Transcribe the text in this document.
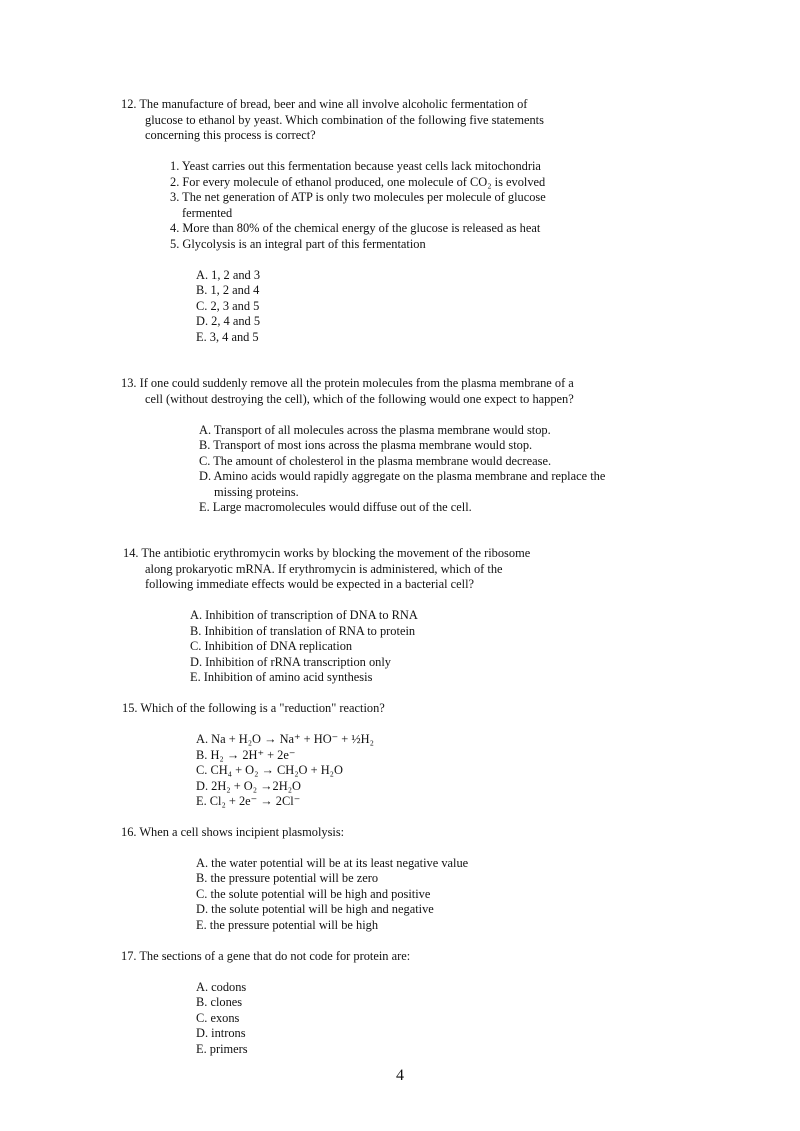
12. The manufacture of bread, beer and wine all involve alcoholic fermentation of
glucose to ethanol by yeast. Which combination of the following five statements
concerning this process is correct?
1. Yeast carries out this fermentation because yeast cells lack mitochondria
2. For every molecule of ethanol produced, one molecule of CO₂ is evolved
3. The net generation of ATP is only two molecules per molecule of glucose
fermented
4. More than 80% of the chemical energy of the glucose is released as heat
5. Glycolysis is an integral part of this fermentation
A. 1, 2 and 3
B. 1, 2 and 4
C. 2, 3 and 5
D. 2, 4 and 5
E. 3, 4 and 5
13. If one could suddenly remove all the protein molecules from the plasma membrane of a
cell (without destroying the cell), which of the following would one expect to happen?
A. Transport of all molecules across the plasma membrane would stop.
B. Transport of most ions across the plasma membrane would stop.
C. The amount of cholesterol in the plasma membrane would decrease.
D. Amino acids would rapidly aggregate on the plasma membrane and replace the
missing proteins.
E. Large macromolecules would diffuse out of the cell.
14. The antibiotic erythromycin works by blocking the movement of the ribosome
along prokaryotic mRNA. If erythromycin is administered, which of the
following immediate effects would be expected in a bacterial cell?
A. Inhibition of transcription of DNA to RNA
B. Inhibition of translation of RNA to protein
C. Inhibition of DNA replication
D. Inhibition of rRNA transcription only
E. Inhibition of amino acid synthesis
15. Which of the following is a "reduction" reaction?
A. Na + H₂O → Na⁺ + HO⁻ + ½H₂
B. H₂ → 2H⁺ + 2e⁻
C. CH₄ + O₂ → CH₂O + H₂O
D. 2H₂ + O₂ →2H₂O
E. Cl₂ + 2e⁻ → 2Cl⁻
16. When a cell shows incipient plasmolysis:
A. the water potential will be at its least negative value
B. the pressure potential will be zero
C. the solute potential will be high and positive
D. the solute potential will be high and negative
E. the pressure potential will be high
17. The sections of a gene that do not code for protein are:
A. codons
B. clones
C. exons
D. introns
E. primers
4
